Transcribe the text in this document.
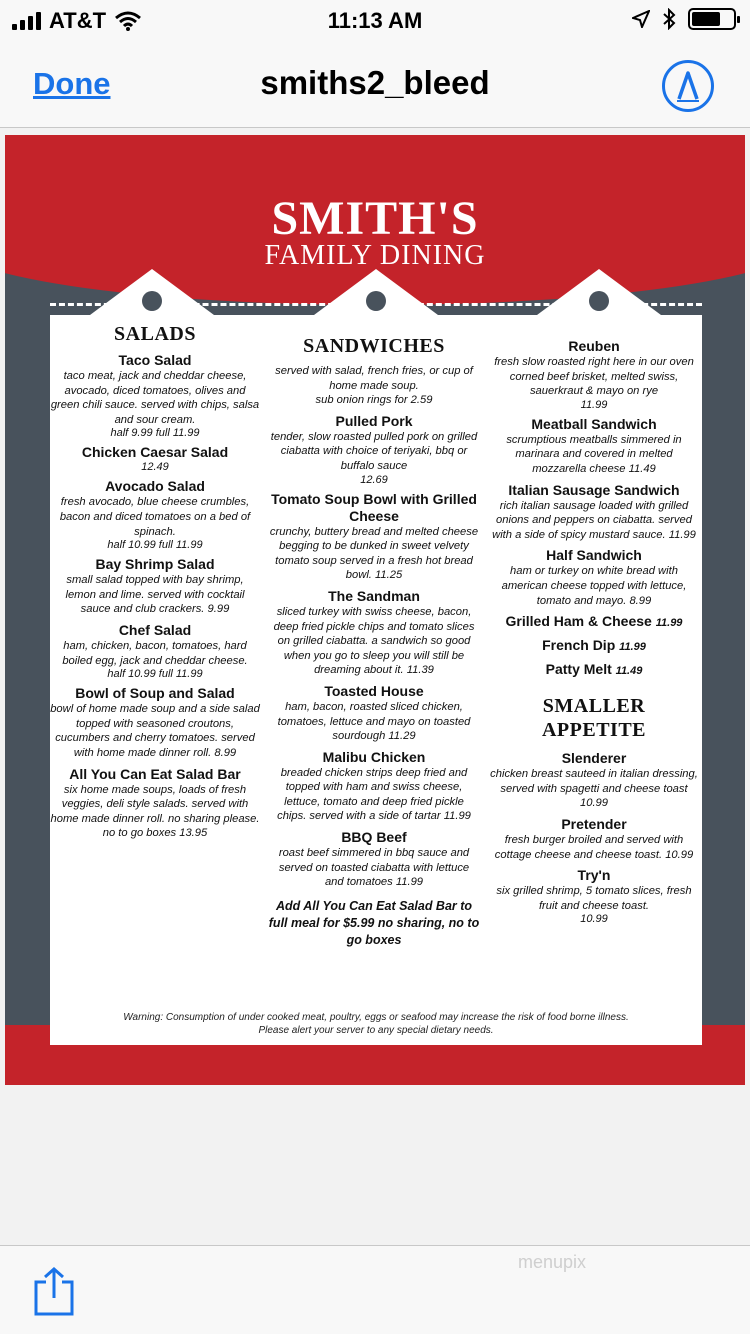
AT&T	11:13 AM
Done	smiths2_bleed
SMITH'S
FAMILY DINING
SALADS
Taco Salad
taco meat, jack and cheddar cheese, avocado, diced tomatoes, olives and green chili sauce. served with chips, salsa and sour cream.
half 9.99 full 11.99
Chicken Caesar Salad
12.49
Avocado Salad
fresh avocado, blue cheese crumbles, bacon and diced tomatoes on a bed of spinach.
half 10.99 full 11.99
Bay Shrimp Salad
small salad topped with bay shrimp, lemon and lime. served with cocktail sauce and club crackers. 9.99
Chef Salad
ham, chicken, bacon, tomatoes, hard boiled egg, jack and cheddar cheese.
half 10.99 full 11.99
Bowl of Soup and Salad
bowl of home made soup and a side salad topped with seasoned croutons, cucumbers and cherry tomatoes. served with home made dinner roll. 8.99
All You Can Eat Salad Bar
six home made soups, loads of fresh veggies, deli style salads. served with home made dinner roll. no sharing please. no to go boxes 13.95
SANDWICHES
served with salad, french fries, or cup of home made soup.
sub onion rings for 2.59
Pulled Pork
tender, slow roasted pulled pork on grilled ciabatta with choice of teriyaki, bbq or buffalo sauce
12.69
Tomato Soup Bowl with Grilled Cheese
crunchy, buttery bread and melted cheese begging to be dunked in sweet velvety tomato soup served in a fresh hot bread bowl. 11.25
The Sandman
sliced turkey with swiss cheese, bacon, deep fried pickle chips and tomato slices on grilled ciabatta. a sandwich so good when you go to sleep you will still be dreaming about it. 11.39
Toasted House
ham, bacon, roasted sliced chicken, tomatoes, lettuce and mayo on toasted sourdough 11.29
Malibu Chicken
breaded chicken strips deep fried and topped with ham and swiss cheese, lettuce, tomato and deep fried pickle chips. served with a side of tartar 11.99
BBQ Beef
roast beef simmered in bbq sauce and served on toasted ciabatta with lettuce and tomatoes 11.99
Add All You Can Eat Salad Bar to full meal for $5.99 no sharing, no to go boxes
Reuben
fresh slow roasted right here in our oven corned beef brisket, melted swiss, sauerkraut & mayo on rye
11.99
Meatball Sandwich
scrumptious meatballs simmered in marinara and covered in melted mozzarella cheese 11.49
Italian Sausage Sandwich
rich italian sausage loaded with grilled onions and peppers on ciabatta. served with a side of spicy mustard sauce. 11.99
Half Sandwich
ham or turkey on white bread with american cheese topped with lettuce, tomato and mayo. 8.99
Grilled Ham & Cheese 11.99
French Dip 11.99
Patty Melt 11.49
SMALLER
APPETITE
Slenderer
chicken breast sauteed in italian dressing, served with spagetti and cheese toast 10.99
Pretender
fresh burger broiled and served with cottage cheese and cheese toast. 10.99
Try'n
six grilled shrimp, 5 tomato slices, fresh fruit and cheese toast.
10.99
Warning: Consumption of under cooked meat, poultry, eggs or seafood may increase the risk of food borne illness.
Please alert your server to any special dietary needs.
menupix
